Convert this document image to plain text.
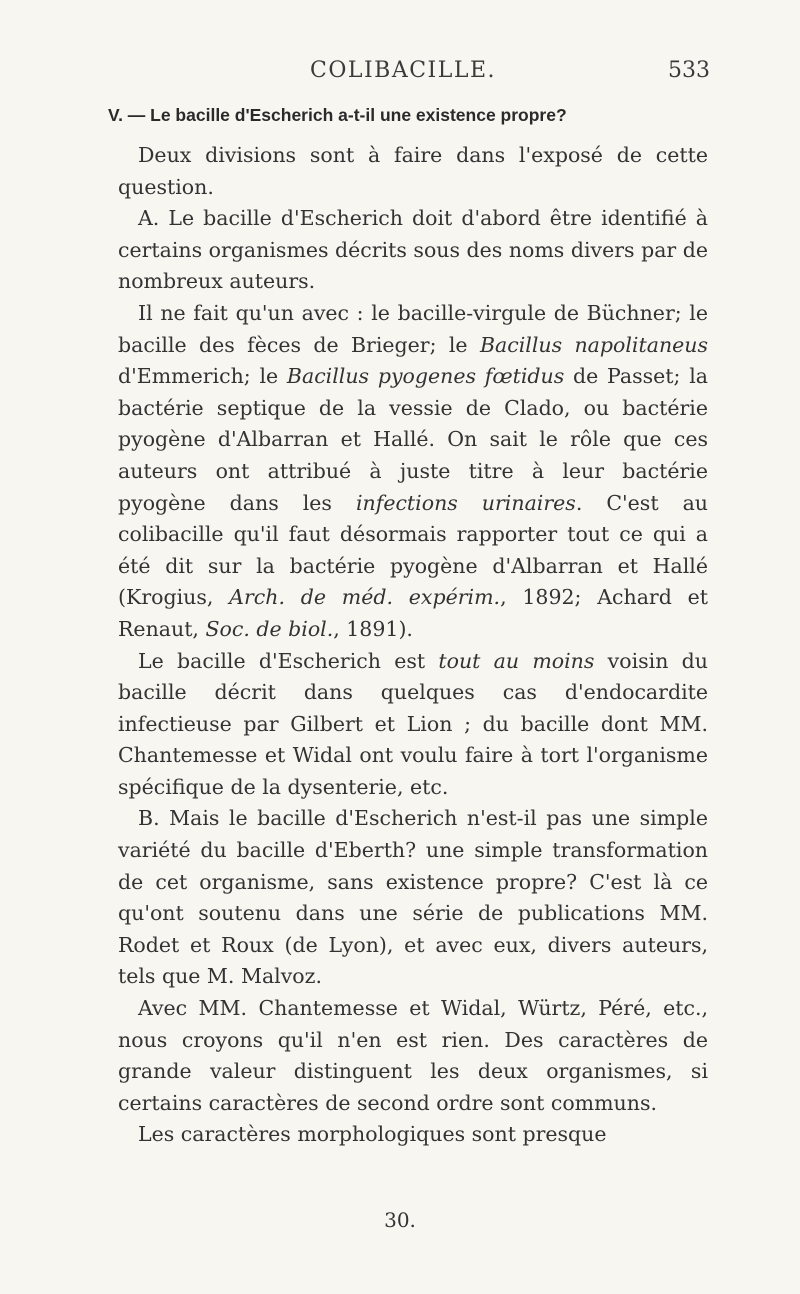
COLIBACILLE.	533
V. — Le bacille d'Escherich a-t-il une existence propre?

Deux divisions sont à faire dans l'exposé de cette question.

A. Le bacille d'Escherich doit d'abord être identifié à certains organismes décrits sous des noms divers par de nombreux auteurs.

Il ne fait qu'un avec : le bacille-virgule de Büchner; le bacille des fèces de Brieger; le Bacillus napolitaneus d'Emmerich; le Bacillus pyogenes fœtidus de Passet; la bactérie septique de la vessie de Clado, ou bactérie pyogène d'Albarran et Hallé. On sait le rôle que ces auteurs ont attribué à juste titre à leur bactérie pyogène dans les infections urinaires. C'est au colibacille qu'il faut désormais rapporter tout ce qui a été dit sur la bactérie pyogène d'Albarran et Hallé (Krogius, Arch. de méd. expérim., 1892; Achard et Renaut, Soc. de biol., 1891).

Le bacille d'Escherich est tout au moins voisin du bacille décrit dans quelques cas d'endocardite infectieuse par Gilbert et Lion ; du bacille dont MM. Chantemesse et Widal ont voulu faire à tort l'organisme spécifique de la dysenterie, etc.

B. Mais le bacille d'Escherich n'est-il pas une simple variété du bacille d'Eberth? une simple transformation de cet organisme, sans existence propre? C'est là ce qu'ont soutenu dans une série de publications MM. Rodet et Roux (de Lyon), et avec eux, divers auteurs, tels que M. Malvoz.

Avec MM. Chantemesse et Widal, Würtz, Péré, etc., nous croyons qu'il n'en est rien. Des caractères de grande valeur distinguent les deux organismes, si certains caractères de second ordre sont communs.

Les caractères morphologiques sont presque

30.
